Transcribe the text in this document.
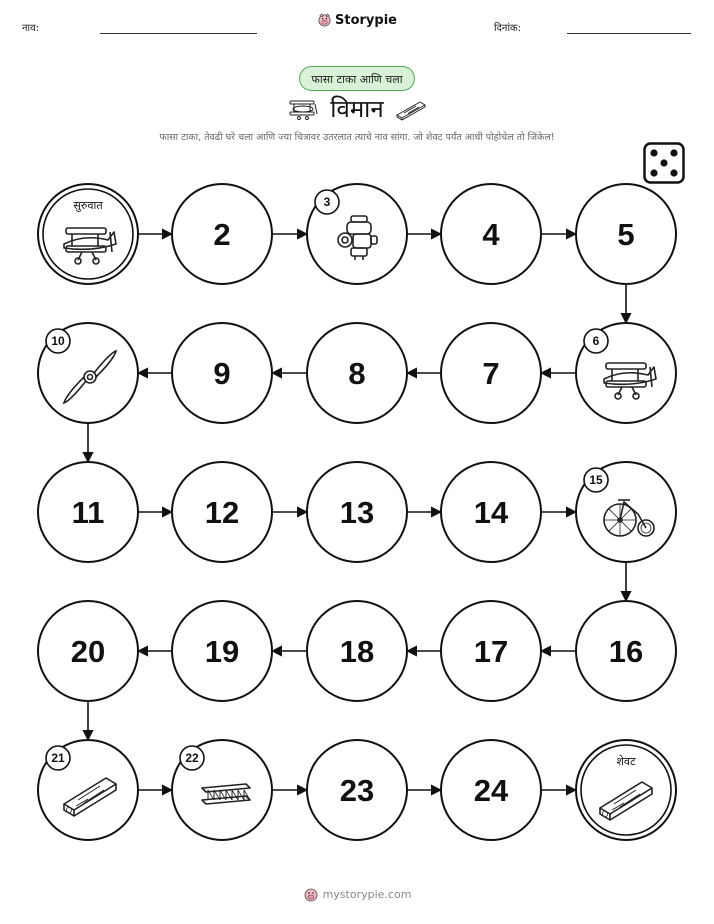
नाव:
Storypie
दिनांक:
फासा टाका आणि चला
विमान
फासा टाका, तेवढी घरे चला आणि ज्या चित्रावर उतरलात त्याचे नाव सांगा. जो शेवट पर्यंत आधी पोहोचेल तो जिंकेल!
सुरुवात
2
3
4	5
6
7
8
9
10
11	12	13	14
15
16
17
18
19
20
21	22
23	24
शेवट
mystorypie.com
